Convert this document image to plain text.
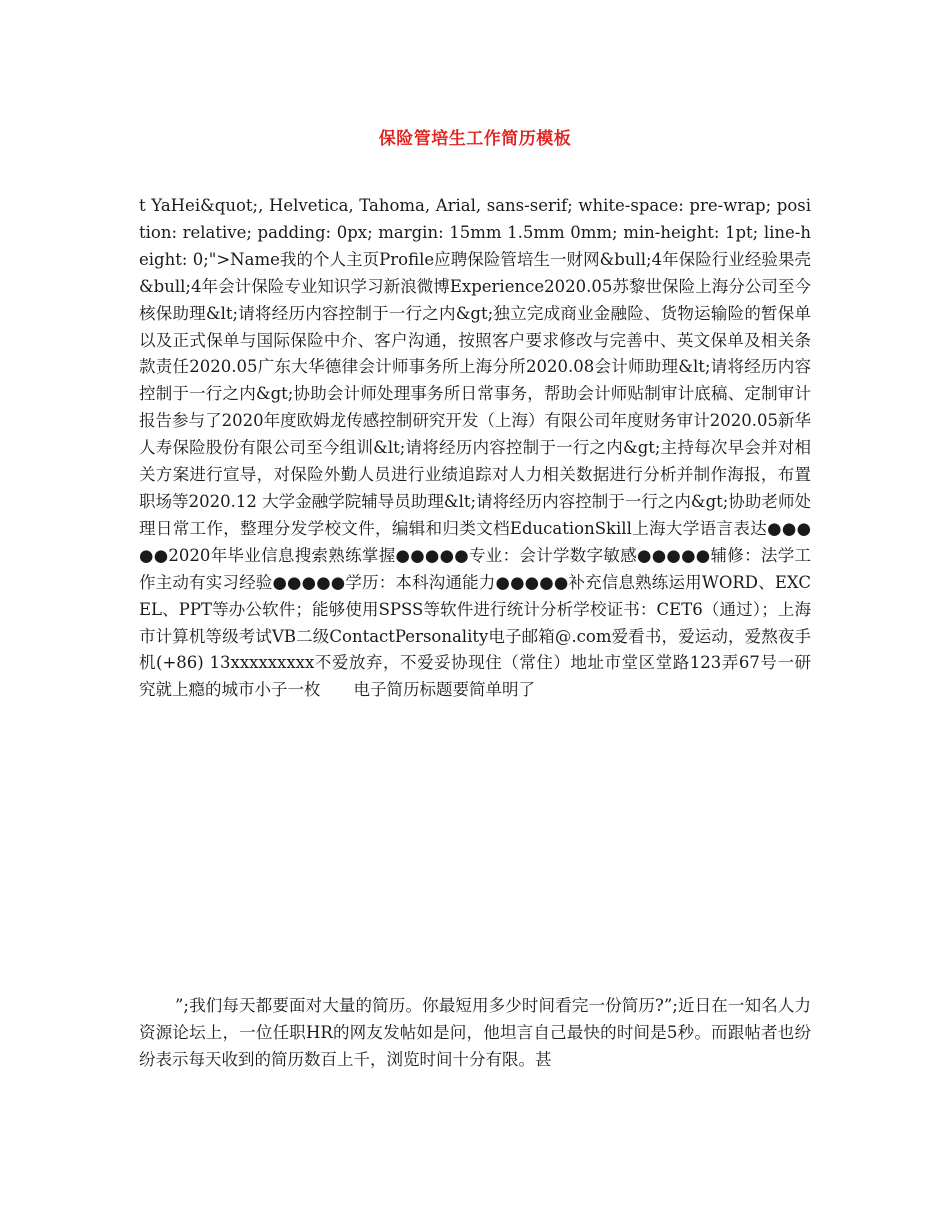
保险管培生工作简历模板

t YaHei&quot;, Helvetica, Tahoma, Arial, sans-serif; white-space: pre-wrap; position: relative; padding: 0px; margin: 15mm 1.5mm 0mm; min-height: 1pt; line-height: 0;">Name我的个人主页Profile应聘保险管培生一财网&bull;4年保险行业经验果壳&bull;4年会计保险专业知识学习新浪微博Experience2020.05苏黎世保险上海分公司至今核保助理&lt;请将经历内容控制于一行之内&gt;独立完成商业金融险、货物运输险的暂保单以及正式保单与国际保险中介、客户沟通，按照客户要求修改与完善中、英文保单及相关条款责任2020.05广东大华德律会计师事务所上海分所2020.08会计师助理&lt;请将经历内容控制于一行之内&gt;协助会计师处理事务所日常事务，帮助会计师贴制审计底稿、定制审计报告参与了2020年度欧姆龙传感控制研究开发（上海）有限公司年度财务审计2020.05新华人寿保险股份有限公司至今组训&lt;请将经历内容控制于一行之内&gt;主持每次早会并对相关方案进行宣导，对保险外勤人员进行业绩追踪对人力相关数据进行分析并制作海报，布置职场等2020.12 大学金融学院辅导员助理&lt;请将经历内容控制于一行之内&gt;协助老师处理日常工作，整理分发学校文件，编辑和归类文档EducationSkill上海大学语言表达●●●●●2020年毕业信息搜索熟练掌握●●●●●专业：会计学数字敏感●●●●●辅修：法学工作主动有实习经验●●●●●学历：本科沟通能力●●●●●补充信息熟练运用WORD、EXCEL、PPT等办公软件；能够使用SPSS等软件进行统计分析学校证书：CET6（通过）；上海市计算机等级考试VB二级ContactPersonality电子邮箱@.com爱看书，爱运动，爱熬夜手机(+86) 13xxxxxxxxx不爱放弃，不爱妥协现住（常住）地址市堂区堂路123弄67号一研究就上瘾的城市小子一枚　　电子简历标题要简单明了

”;我们每天都要面对大量的简历。你最短用多少时间看完一份简历?”;近日在一知名人力资源论坛上，一位任职HR的网友发帖如是问，他坦言自己最快的时间是5秒。而跟帖者也纷纷表示每天收到的简历数百上千，浏览时间十分有限。甚
